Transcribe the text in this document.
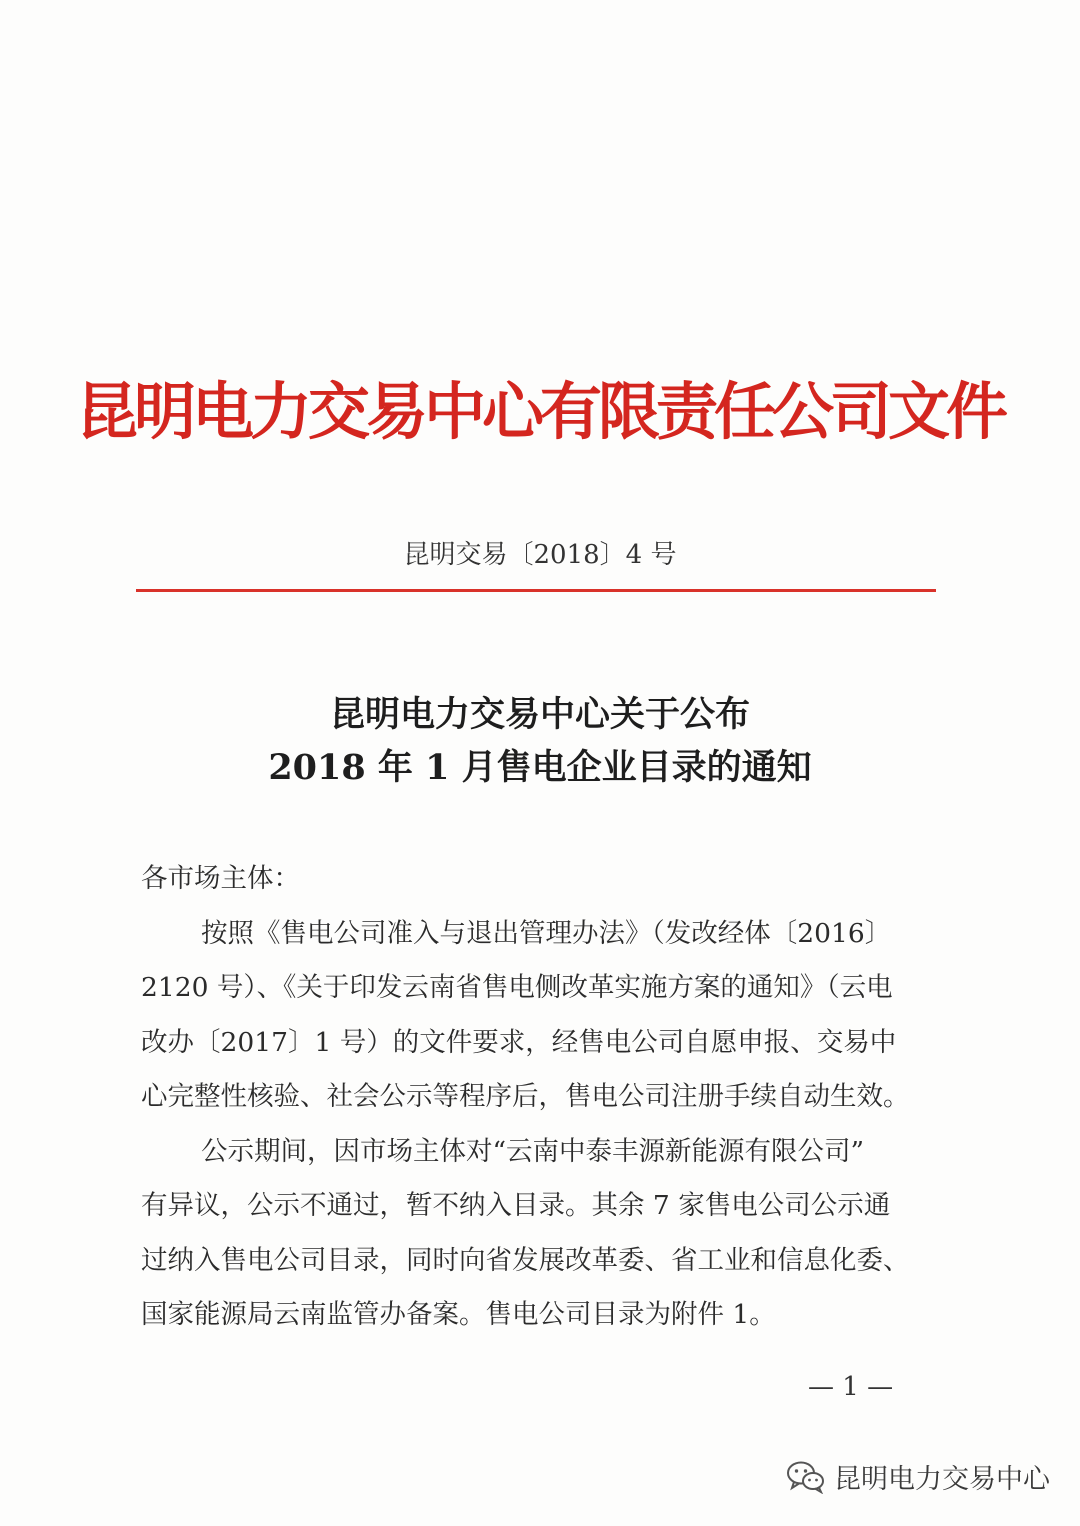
昆明电力交易中心有限责任公司文件
昆明交易〔2018〕4 号
昆明电力交易中心关于公布
2018 年 1 月售电企业目录的通知

各市场主体：

按照《售电公司准入与退出管理办法》（发改经体〔2016〕

2120 号）、《关于印发云南省售电侧改革实施方案的通知》（云电

改办〔2017〕1 号）的文件要求，经售电公司自愿申报、交易中

心完整性核验、社会公示等程序后，售电公司注册手续自动生效。

公示期间，因市场主体对“云南中泰丰源新能源有限公司”

有异议，公示不通过，暂不纳入目录。其余 7 家售电公司公示通

过纳入售电公司目录，同时向省发展改革委、省工业和信息化委、

国家能源局云南监管办备案。售电公司目录为附件 1。

— 1 —
昆明电力交易中心
